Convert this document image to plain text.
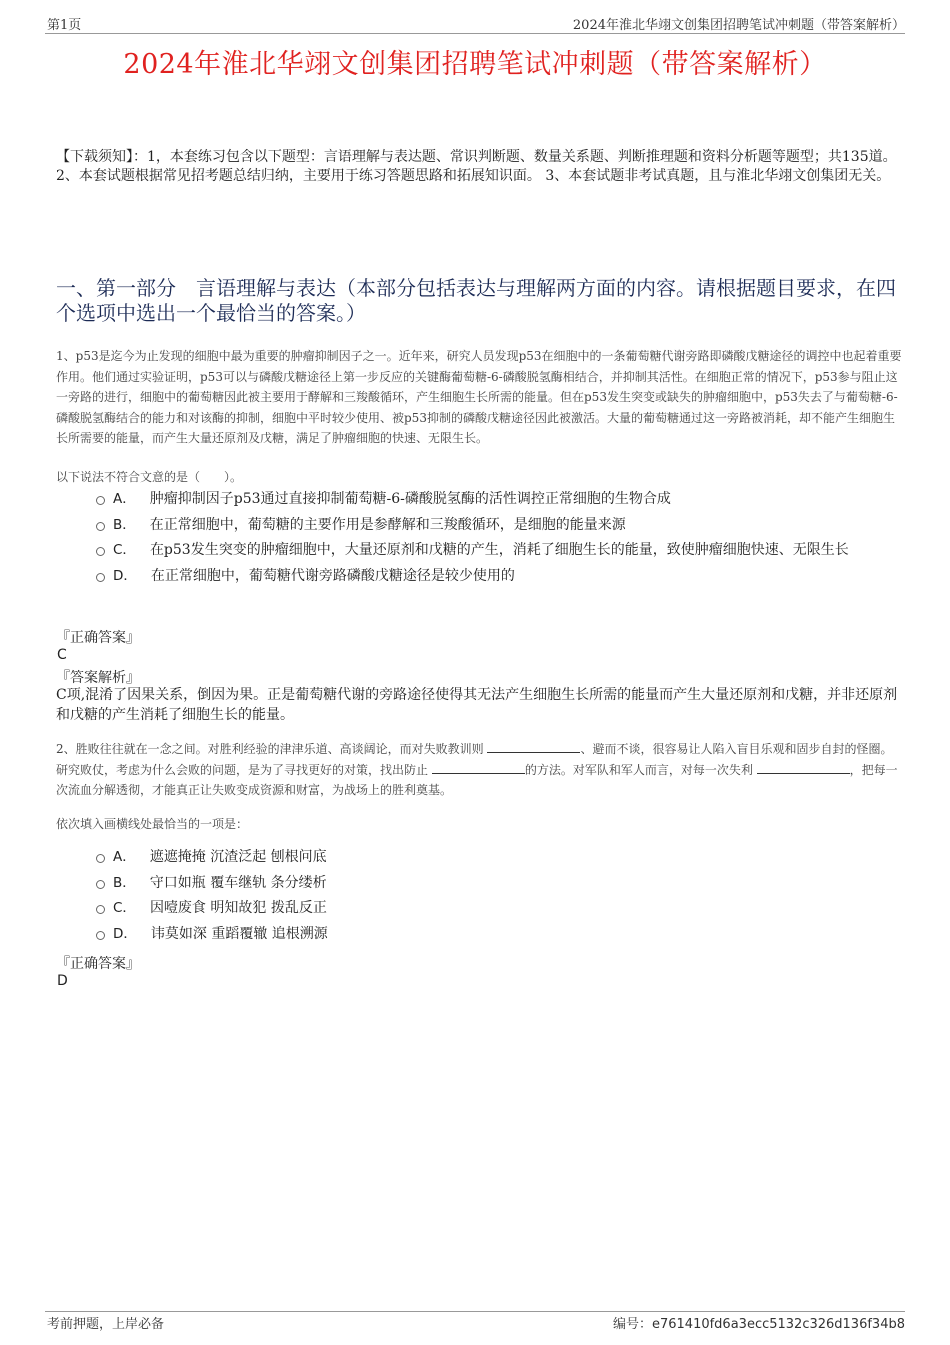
第1页	2024年淮北华翊文创集团招聘笔试冲刺题（带答案解析）
2024年淮北华翊文创集团招聘笔试冲刺题（带答案解析）
【下载须知】：1，本套练习包含以下题型：言语理解与表达题、常识判断题、数量关系题、判断推理题和资料分析题等题型；共135道。 2、本套试题根据常见招考题总结归纳，主要用于练习答题思路和拓展知识面。 3、本套试题非考试真题，且与淮北华翊文创集团无关。
一、第一部分　言语理解与表达（本部分包括表达与理解两方面的内容。请根据题目要求，在四个选项中选出一个最恰当的答案。）
1、p53是迄今为止发现的细胞中最为重要的肿瘤抑制因子之一。近年来，研究人员发现p53在细胞中的一条葡萄糖代谢旁路即磷酸戊糖途径的调控中也起着重要作用。他们通过实验证明，p53可以与磷酸戊糖途径上第一步反应的关键酶葡萄糖-6-磷酸脱氢酶相结合，并抑制其活性。在细胞正常的情况下，p53参与阻止这一旁路的进行，细胞中的葡萄糖因此被主要用于酵解和三羧酸循环，产生细胞生长所需的能量。但在p53发生突变或缺失的肿瘤细胞中，p53失去了与葡萄糖-6-磷酸脱氢酶结合的能力和对该酶的抑制，细胞中平时较少使用、被p53抑制的磷酸戊糖途径因此被激活。大量的葡萄糖通过这一旁路被消耗，却不能产生细胞生长所需要的能量，而产生大量还原剂及戊糖，满足了肿瘤细胞的快速、无限生长。
以下说法不符合文意的是（　　）。
A． 肿瘤抑制因子p53通过直接抑制葡萄糖-6-磷酸脱氢酶的活性调控正常细胞的生物合成
B． 在正常细胞中，葡萄糖的主要作用是参酵解和三羧酸循环，是细胞的能量来源
C． 在p53发生突变的肿瘤细胞中，大量还原剂和戊糖的产生，消耗了细胞生长的能量，致使肿瘤细胞快速、无限生长
D． 在正常细胞中，葡萄糖代谢旁路磷酸戊糖途径是较少使用的
『正确答案』
C
『答案解析』
C项,混淆了因果关系，倒因为果。正是葡萄糖代谢的旁路途径使得其无法产生细胞生长所需的能量而产生大量还原剂和戊糖，并非还原剂和戊糖的产生消耗了细胞生长的能量。
2、胜败往往就在一念之间。对胜利经验的津津乐道、高谈阔论，而对失败教训则	、避而不谈，很容易让人陷入盲目乐观和固步自封的怪圈。研究败仗，考虑为什么会败的问题，是为了寻找更好的对策，找出防止	的方法。对军队和军人而言，对每一次失利	，把每一次流血分解透彻，才能真正让失败变成资源和财富，为战场上的胜利奠基。
依次填入画横线处最恰当的一项是：
A． 遮遮掩掩 沉渣泛起 刨根问底
B． 守口如瓶 覆车继轨 条分缕析
C． 因噎废食 明知故犯 拨乱反正
D． 讳莫如深 重蹈覆辙 追根溯源
『正确答案』
D
考前押题，上岸必备	编号：e761410fd6a3ecc5132c326d136f34b8
